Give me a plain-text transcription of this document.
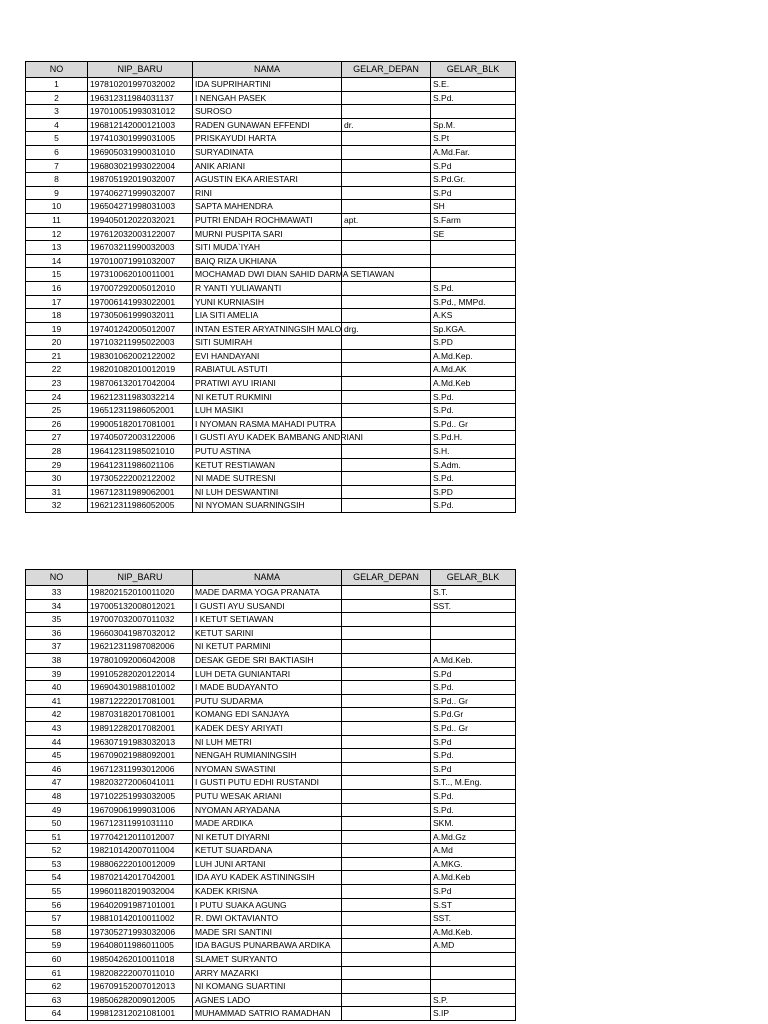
NO	NIP_BARU	NAMA	GELAR_DEPAN	GELAR_BLK
1	197810201997032002	IDA SUPRIHARTINI		S.E.
2	196312311984031137	I NENGAH PASEK		S.Pd.
3	197010051993031012	SUROSO		
4	196812142000121003	RADEN GUNAWAN EFFENDI	dr.	Sp.M.
5	197410301999031005	PRISKAYUDI HARTA		S.Pt
6	196905031990031010	SURYADINATA		A.Md.Far.
7	196803021993022004	ANIK ARIANI		S.Pd
8	198705192019032007	AGUSTIN EKA ARIESTARI		S.Pd.Gr.
9	197406271999032007	RINI		S.Pd
10	196504271998031003	SAPTA MAHENDRA		SH
11	199405012022032021	PUTRI ENDAH ROCHMAWATI	apt.	S.Farm
12	197612032003122007	MURNI PUSPITA SARI		SE
13	196703211990032003	SITI MUDA`IYAH		
14	197010071991032007	BAIQ RIZA UKHIANA		
15	197310062010011001	MOCHAMAD DWI DIAN SAHID DARMA SETIAWAN		
16	197007292005012010	R YANTI YULIAWANTI		S.Pd.
17	197006141993022001	YUNI KURNIASIH		S.Pd., MMPd.
18	197305061999032011	LIA SITI AMELIA		A.KS
19	197401242005012007	INTAN ESTER ARYATNINGSIH MALO	drg.	Sp.KGA.
20	197103211995022003	SITI SUMIRAH		S.PD
21	198301062002122002	EVI HANDAYANI		A.Md.Kep.
22	198201082010012019	RABIATUL ASTUTI		A.Md.AK
23	198706132017042004	PRATIWI AYU IRIANI		A.Md.Keb
24	196212311983032214	NI KETUT RUKMINI		S.Pd.
25	196512311986052001	LUH MASIKI		S.Pd.
26	199005182017081001	I NYOMAN RASMA MAHADI PUTRA		S.Pd.. Gr
27	197405072003122006	I GUSTI AYU KADEK BAMBANG ANDRIANI		S.Pd.H.
28	196412311985021010	PUTU ASTINA		S.H.
29	196412311986021106	KETUT RESTIAWAN		S.Adm.
30	197305222002122002	NI MADE SUTRESNI		S.Pd.
31	196712311989062001	NI LUH DESWANTINI		S.PD
32	196212311986052005	NI NYOMAN SUARNINGSIH		S.Pd.
NO	NIP_BARU	NAMA	GELAR_DEPAN	GELAR_BLK
33	198202152010011020	MADE DARMA YOGA PRANATA		S.T.
34	197005132008012021	I GUSTI AYU SUSANDI		SST.
35	197007032007011032	I KETUT SETIAWAN		
36	196603041987032012	KETUT SARINI		
37	196212311987082006	NI KETUT PARMINI		
38	197801092006042008	DESAK GEDE SRI BAKTIASIH		A.Md.Keb.
39	199105282020122014	LUH DETA GUNIANTARI		S.Pd
40	196904301988101002	I MADE BUDAYANTO		S.Pd.
41	198712222017081001	PUTU SUDARMA		S.Pd.. Gr
42	198703182017081001	KOMANG EDI SANJAYA		S.Pd.Gr
43	198912282017082001	KADEK DESY ARIYATI		S.Pd.. Gr
44	196307191983032013	NI LUH METRI		S.Pd
45	196709021988092001	NENGAH RUMIANINGSIH		S.Pd.
46	196712311993012006	NYOMAN SWASTINI		S.Pd
47	198203272006041011	I GUSTI PUTU EDHI RUSTANDI		S.T.., M.Eng.
48	197102251993032005	PUTU WESAK ARIANI		S.Pd.
49	196709061999031006	NYOMAN ARYADANA		S.Pd.
50	196712311991031110	MADE ARDIKA		SKM.
51	197704212011012007	NI KETUT DIYARNI		A.Md.Gz
52	198210142007011004	KETUT SUARDANA		A.Md
53	198806222010012009	LUH JUNI ARTANI		A.MKG.
54	198702142017042001	IDA AYU KADEK ASTININGSIH		A.Md.Keb
55	199601182019032004	KADEK KRISNA		S.Pd
56	196402091987101001	I PUTU SUAKA AGUNG		S.ST
57	198810142010011002	R. DWI OKTAVIANTO		SST.
58	197305271993032006	MADE SRI SANTINI		A.Md.Keb.
59	196408011986011005	IDA BAGUS PUNARBAWA ARDIKA		A.MD
60	198504262010011018	SLAMET SURYANTO		
61	198208222007011010	ARRY MAZARKI		
62	196709152007012013	NI KOMANG SUARTINI		
63	198506282009012005	AGNES LADO		S.P.
64	199812312021081001	MUHAMMAD SATRIO RAMADHAN		S.IP
